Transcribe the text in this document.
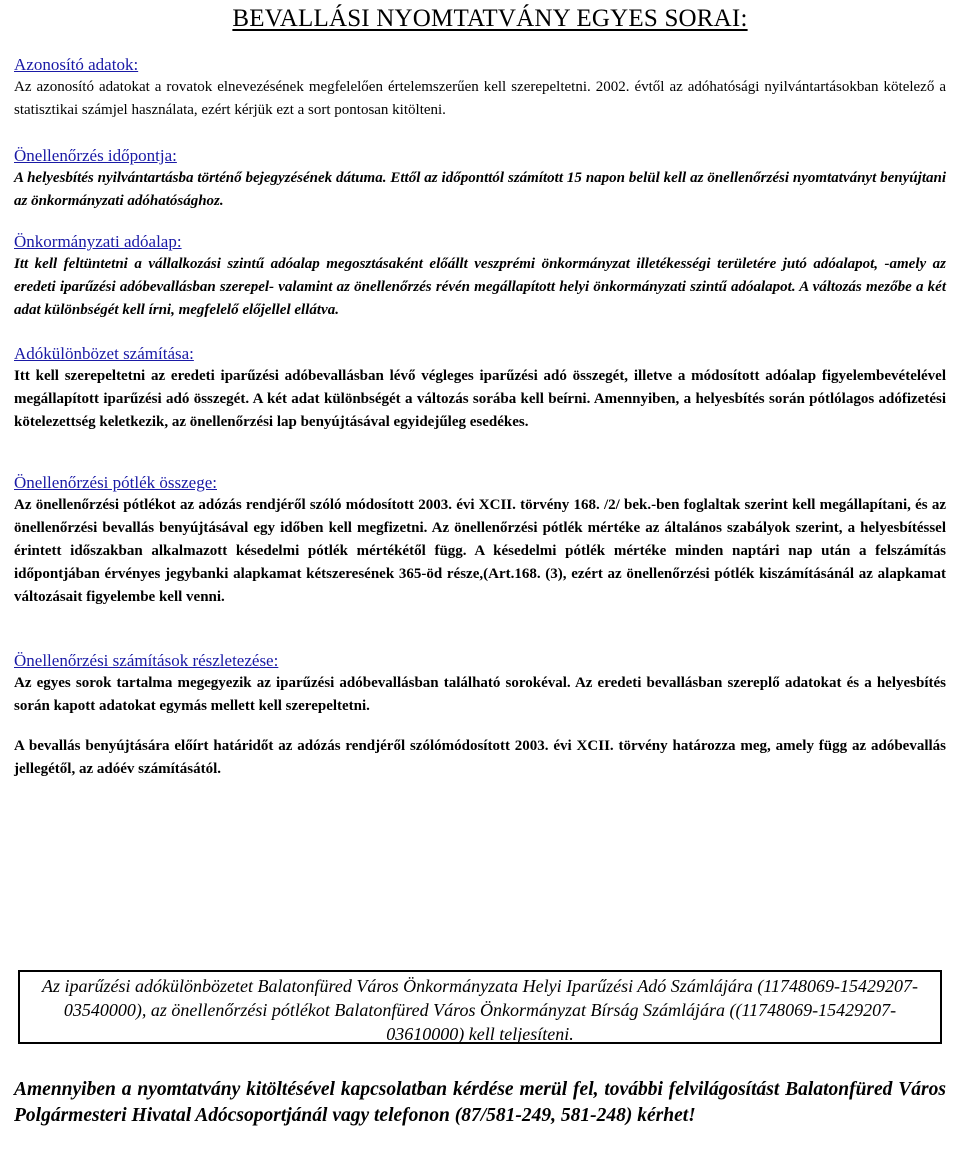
BEVALLÁSI NYOMTATVÁNY EGYES SORAI:

Azonosító adatok:

Az azonosító adatokat a rovatok elnevezésének megfelelően értelemszerűen kell szerepeltetni. 2002. évtől az adóhatósági nyilvántartásokban kötelező a statisztikai számjel használata, ezért kérjük ezt a sort pontosan kitölteni.

Önellenőrzés időpontja:

A helyesbítés nyilvántartásba történő bejegyzésének dátuma. Ettől az időponttól számított 15 napon belül kell az önellenőrzési nyomtatványt benyújtani az önkormányzati adóhatósághoz.

Önkormányzati adóalap:

Itt kell feltüntetni a vállalkozási szintű adóalap megosztásaként előállt veszprémi önkormányzat illetékességi területére jutó adóalapot, -amely az eredeti iparűzési adóbevallásban szerepel- valamint az önellenőrzés révén megállapított helyi önkormányzati szintű adóalapot. A változás mezőbe a két adat különbségét kell írni, megfelelő előjellel ellátva.

Adókülönbözet számítása:

Itt kell szerepeltetni az eredeti iparűzési adóbevallásban lévő végleges iparűzési adó összegét, illetve a módosított adóalap figyelembevételével megállapított iparűzési adó összegét. A két adat különbségét a változás sorába kell beírni. Amennyiben, a helyesbítés során pótlólagos adófizetési kötelezettség keletkezik, az önellenőrzési lap benyújtásával egyidejűleg esedékes.

Önellenőrzési pótlék összege:

Az önellenőrzési pótlékot az adózás rendjéről szóló módosított 2003. évi XCII. törvény 168. /2/ bek.-ben foglaltak szerint kell megállapítani, és az önellenőrzési bevallás benyújtásával egy időben kell megfizetni. Az önellenőrzési pótlék mértéke az általános szabályok szerint, a helyesbítéssel érintett időszakban alkalmazott késedelmi pótlék mértékétől függ. A késedelmi pótlék mértéke minden naptári nap után a felszámítás időpontjában érvényes jegybanki alapkamat kétszeresének 365-öd része,(Art.168. (3), ezért az önellenőrzési pótlék kiszámításánál az alapkamat változásait figyelembe kell venni.

Önellenőrzési számítások részletezése:

Az egyes sorok tartalma megegyezik az iparűzési adóbevallásban található sorokéval. Az eredeti bevallásban szereplő adatokat és a helyesbítés során kapott adatokat egymás mellett kell szerepeltetni.

A bevallás benyújtására előírt határidőt az adózás rendjéről szólómódosított 2003. évi XCII. törvény határozza meg, amely függ az adóbevallás jellegétől, az adóév számításától.

Az iparűzési adókülönbözetet Balatonfüred Város Önkormányzata Helyi Iparűzési Adó Számlájára (11748069-15429207-03540000), az önellenőrzési pótlékot Balatonfüred Város Önkormányzat Bírság Számlájára ((11748069-15429207-03610000) kell teljesíteni.

Amennyiben a nyomtatvány kitöltésével kapcsolatban kérdése merül fel, további felvilágosítást Balatonfüred Város Polgármesteri Hivatal Adócsoportjánál vagy telefonon (87/581-249, 581-248) kérhet!
